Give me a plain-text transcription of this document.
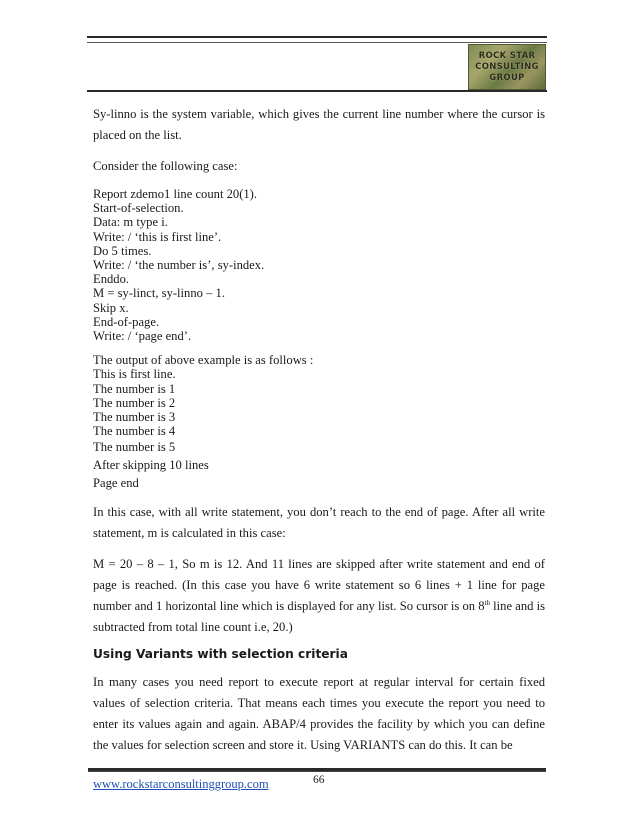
ROCK STAR
CONSULTING
GROUP

Sy-linno is the system variable, which gives the current line number where the cursor is placed on the list.

Consider the following case:

Report zdemo1 line count 20(1).

Start-of-selection.

Data: m type i.

Write: / ‘this is first line’.

Do 5 times.

Write: / ‘the number is’, sy-index.

Enddo.

M = sy-linct, sy-linno – 1.

Skip x.

End-of-page.

Write: / ‘page end’.

The output of above example is as follows :

This is first line.

The number is 1

The number is 2

The number is 3

The number is 4

The number is 5

After skipping 10 lines

Page end

In this case, with all write statement, you don’t reach to the end of page. After all write statement, m is calculated in this case:

M = 20 – 8 – 1, So m is 12. And 11 lines are skipped after write statement and end of page is reached. (In this case you have 6 write statement so 6 lines + 1 line for page number and 1 horizontal line which is displayed for any list. So cursor is on 8th line and is subtracted from total line count i.e, 20.)

Using Variants with selection criteria

In many cases you need report to execute report at regular interval for certain fixed values of selection criteria. That means each times you execute the report you need to enter its values again and again. ABAP/4 provides the facility by which you can define the values for selection screen and store it. Using VARIANTS can do this. It can be

www.rockstarconsultinggroup.com	66
